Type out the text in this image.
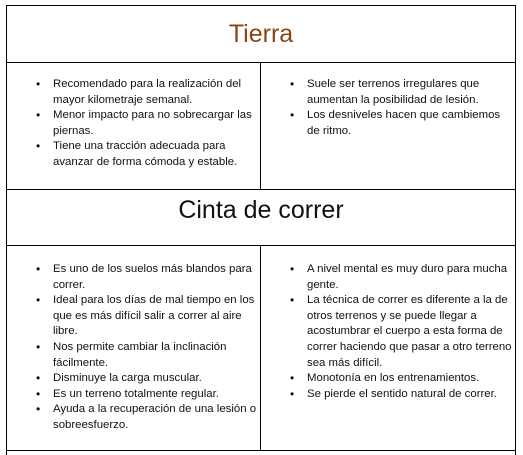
Tierra
• Recomendado para la realización del mayor kilometraje semanal.
• Menor impacto para no sobrecargar las piernas.
• Tiene una tracción adecuada para avanzar de forma cómoda y estable.
• Suele ser terrenos irregulares que aumentan la posibilidad de lesión.
• Los desniveles hacen que cambiemos de ritmo.
Cinta de correr
• Es uno de los suelos más blandos para correr.
• Ideal para los días de mal tiempo en los que es más difícil salir a correr al aire libre.
• Nos permite cambiar la inclinación fácilmente.
• Disminuye la carga muscular.
• Es un terreno totalmente regular.
• Ayuda a la recuperación de una lesión o sobreesfuerzo.
• A nivel mental es muy duro para mucha gente.
• La técnica de correr es diferente a la de otros terrenos y se puede llegar a acostumbrar el cuerpo a esta forma de correr haciendo que pasar a otro terreno sea más difícil.
• Monotonía en los entrenamientos.
• Se pierde el sentido natural de correr.
